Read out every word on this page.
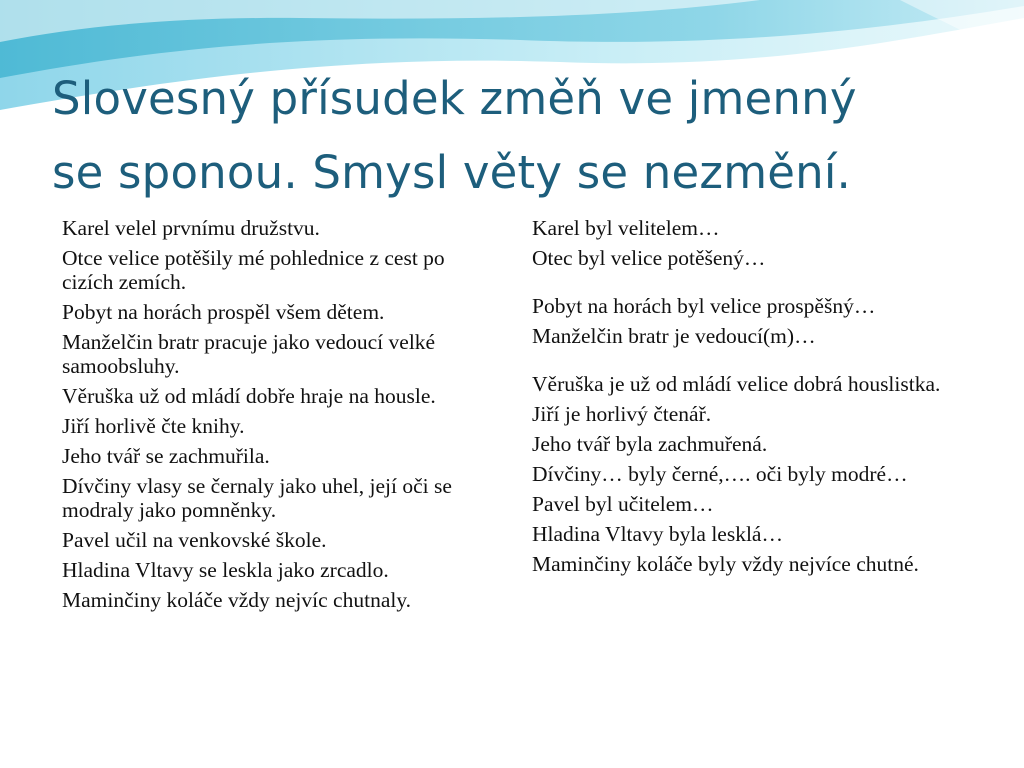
Slovesný přísudek změň ve jmenný
se sponou. Smysl věty se nezmění.
Karel velel prvnímu družstvu.
Otce velice potěšily mé pohlednice z cest po cizích zemích.
Pobyt na horách prospěl všem dětem.
Manželčin bratr pracuje jako vedoucí velké samoobsluhy.
Věruška už od mládí dobře hraje na housle.
Jiří horlivě čte knihy.
Jeho tvář se zachmuřila.
Dívčiny vlasy se černaly jako uhel, její oči se modraly jako pomněnky.
Pavel učil na venkovské škole.
Hladina Vltavy se leskla jako zrcadlo.
Maminčiny koláče vždy nejvíc chutnaly.
Karel byl velitelem…
Otec byl velice potěšený…
Pobyt na horách byl velice prospěšný…
Manželčin bratr je vedoucí(m)…
Věruška je už od mládí velice dobrá houslistka.
Jiří je horlivý čtenář.
Jeho tvář byla zachmuřená.
Dívčiny… byly černé,…. oči byly modré…
Pavel byl učitelem…
Hladina Vltavy byla lesklá…
Maminčiny koláče byly vždy nejvíce chutné.
